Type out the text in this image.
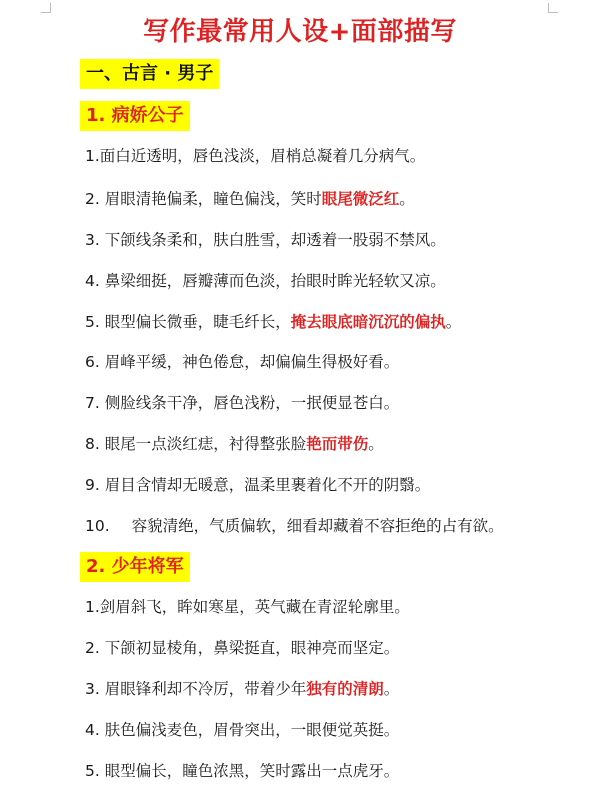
写作最常用人设+面部描写
一、古言 · 男子
1. 病娇公子
1.面白近透明，唇色浅淡，眉梢总凝着几分病气。
2. 眉眼清艳偏柔，瞳色偏浅，笑时眼尾微泛红。
3. 下颌线条柔和，肤白胜雪，却透着一股弱不禁风。
4. 鼻梁细挺，唇瓣薄而色淡，抬眼时眸光轻软又凉。
5. 眼型偏长微垂，睫毛纤长，掩去眼底暗沉沉的偏执。
6. 眉峰平缓，神色倦怠，却偏偏生得极好看。
7. 侧脸线条干净，唇色浅粉，一抿便显苍白。
8. 眼尾一点淡红痣，衬得整张脸艳而带伤。
9. 眉目含情却无暖意，温柔里裹着化不开的阴翳。
10. 容貌清绝，气质偏软，细看却藏着不容拒绝的占有欲。
2. 少年将军
1.剑眉斜飞，眸如寒星，英气藏在青涩轮廓里。
2. 下颌初显棱角，鼻梁挺直，眼神亮而坚定。
3. 眉眼锋利却不冷厉，带着少年独有的清朗。
4. 肤色偏浅麦色，眉骨突出，一眼便觉英挺。
5. 眼型偏长，瞳色浓黑，笑时露出一点虎牙。
